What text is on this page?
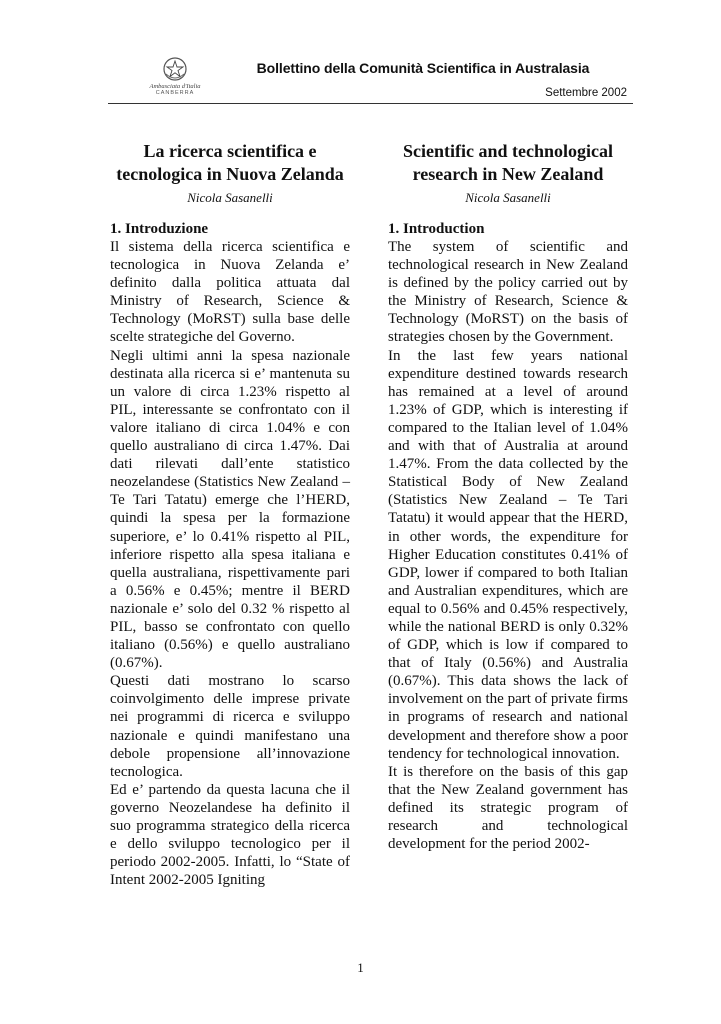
Ambasciata d'Italia
CANBERRA
Bollettino della Comunità Scientifica in Australasia
Settembre 2002
La ricerca scientifica e
tecnologica in Nuova Zelanda
Nicola Sasanelli
1. Introduzione

Il sistema della ricerca scientifica e tecnologica in Nuova Zelanda e’ definito dalla politica attuata dal Ministry of Research, Science & Technology (MoRST) sulla base delle scelte strategiche del Governo.

Negli ultimi anni la spesa nazionale destinata alla ricerca si e’ mantenuta su un valore di circa 1.23% rispetto al PIL, interessante se confrontato con il valore italiano di circa 1.04% e con quello australiano di circa 1.47%. Dai dati rilevati dall’ente statistico neozelandese (Statistics New Zealand –Te Tari Tatatu) emerge che l’HERD, quindi la spesa per la formazione superiore, e’ lo 0.41% rispetto al PIL, inferiore rispetto alla spesa italiana e quella australiana, rispettivamente pari a 0.56% e 0.45%; mentre il BERD nazionale e’ solo del 0.32 % rispetto al PIL, basso se confrontato con quello italiano (0.56%) e quello australiano (0.67%).

Questi dati mostrano lo scarso coinvolgimento delle imprese private nei programmi di ricerca e sviluppo nazionale e quindi manifestano una debole propensione all’innovazione tecnologica.

Ed e’ partendo da questa lacuna che il governo Neozelandese ha definito il suo programma strategico della ricerca e dello sviluppo tecnologico per il periodo 2002-2005. Infatti, lo “State of Intent 2002-2005 Igniting

Scientific and technological
research in New Zealand
Nicola Sasanelli
1. Introduction

The system of scientific and technological research in New Zealand is defined by the policy carried out by the Ministry of Research, Science & Technology (MoRST) on the basis of strategies chosen by the Government.

In the last few years national expenditure destined towards research has remained at a level of around 1.23% of GDP, which is interesting if compared to the Italian level of 1.04% and with that of Australia at around 1.47%. From the data collected by the Statistical Body of New Zealand (Statistics New Zealand – Te Tari Tatatu) it would appear that the HERD, in other words, the expenditure for Higher Education constitutes 0.41% of GDP, lower if compared to both Italian and Australian expenditures, which are equal to 0.56% and 0.45% respectively, while the national BERD is only 0.32% of GDP, which is low if compared to that of Italy (0.56%) and Australia (0.67%). This data shows the lack of involvement on the part of private firms in programs of research and national development and therefore show a poor tendency for technological innovation.

It is therefore on the basis of this gap that the New Zealand government has defined its strategic program of research and technological development for the period 2002-

1
